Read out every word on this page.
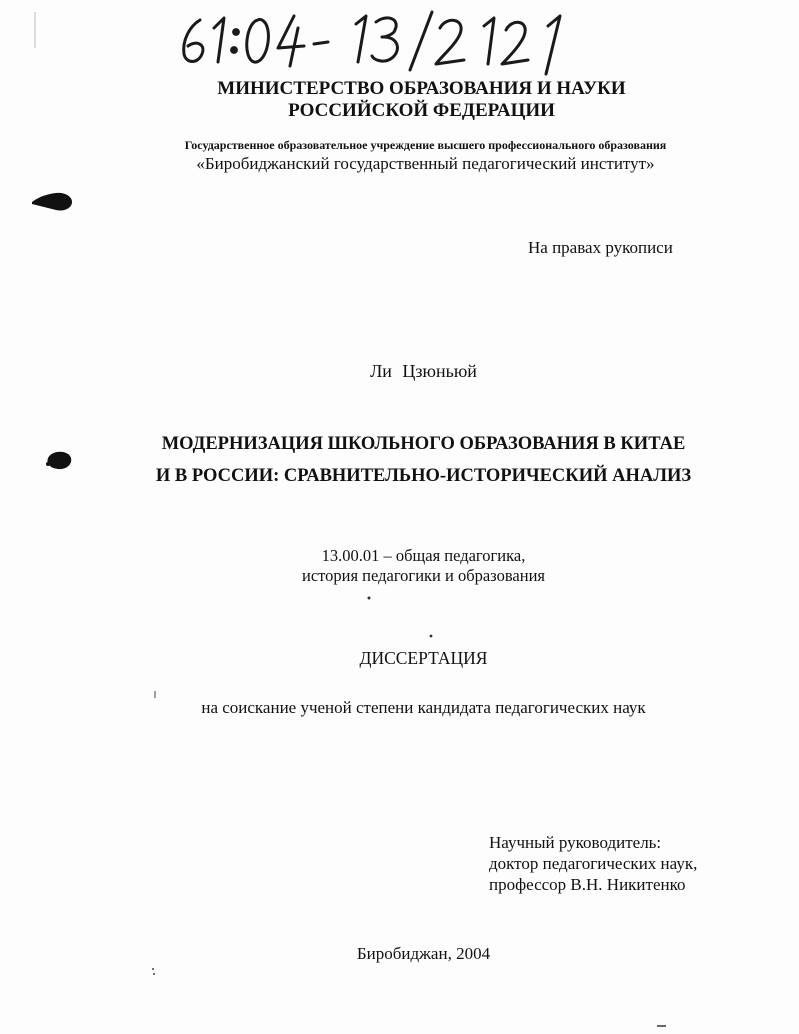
МИНИСТЕРСТВО ОБРАЗОВАНИЯ И НАУКИ
РОССИЙСКОЙ ФЕДЕРАЦИИ
Государственное образовательное учреждение высшего профессионального образования
«Биробиджанский государственный педагогический институт»
На правах рукописи
Ли Цзюньюй
МОДЕРНИЗАЦИЯ ШКОЛЬНОГО ОБРАЗОВАНИЯ В КИТАЕ
И В РОССИИ: СРАВНИТЕЛЬНО-ИСТОРИЧЕСКИЙ АНАЛИЗ
13.00.01 – общая педагогика,
история педагогики и образования
ДИССЕРТАЦИЯ
на соискание ученой степени кандидата педагогических наук
Научный руководитель:
доктор педагогических наук,
профессор В.Н. Никитенко
Биробиджан, 2004
